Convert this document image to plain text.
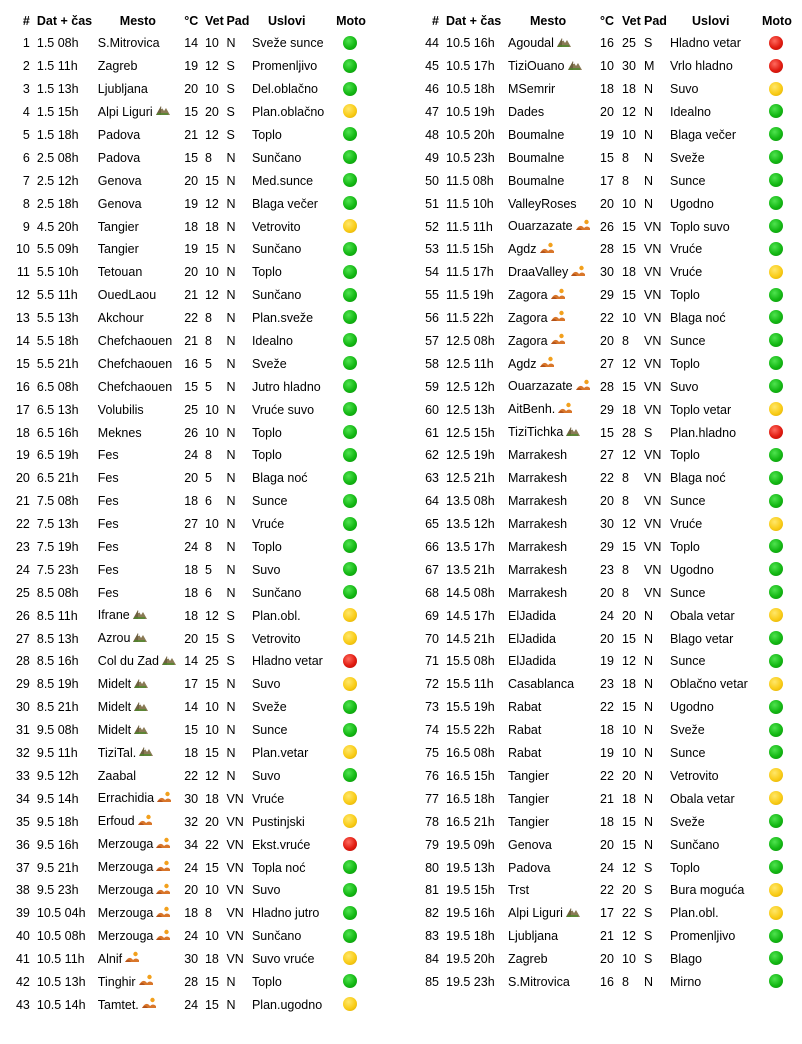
#	Dat + čas	Mesto	°C	Vet	Pad	Uslovi	Moto
1	1.5 08h	S.Mitrovica	14	10	N	Sveže sunce	
2	1.5 11h	Zagreb	19	12	S	Promenljivo	
3	1.5 13h	Ljubljana	20	10	S	Del.oblačno	
4	1.5 15h	Alpi Liguri	15	20	S	Plan.oblačno	
5	1.5 18h	Padova	21	12	S	Toplo	
6	2.5 08h	Padova	15	8	N	Sunčano	
7	2.5 12h	Genova	20	15	N	Med.sunce	
8	2.5 18h	Genova	19	12	N	Blaga večer	
9	4.5 20h	Tangier	18	18	N	Vetrovito	
10	5.5 09h	Tangier	19	15	N	Sunčano	
11	5.5 10h	Tetouan	20	10	N	Toplo	
12	5.5 11h	OuedLaou	21	12	N	Sunčano	
13	5.5 13h	Akchour	22	8	N	Plan.sveže	
14	5.5 18h	Chefchaouen	21	8	N	Idealno	
15	5.5 21h	Chefchaouen	16	5	N	Sveže	
16	6.5 08h	Chefchaouen	15	5	N	Jutro hladno	
17	6.5 13h	Volubilis	25	10	N	Vruće suvo	
18	6.5 16h	Meknes	26	10	N	Toplo	
19	6.5 19h	Fes	24	8	N	Toplo	
20	6.5 21h	Fes	20	5	N	Blaga noć	
21	7.5 08h	Fes	18	6	N	Sunce	
22	7.5 13h	Fes	27	10	N	Vruće	
23	7.5 19h	Fes	24	8	N	Toplo	
24	7.5 23h	Fes	18	5	N	Suvo	
25	8.5 08h	Fes	18	6	N	Sunčano	
26	8.5 11h	Ifrane	18	12	S	Plan.obl.	
27	8.5 13h	Azrou	20	15	S	Vetrovito	
28	8.5 16h	Col du Zad	14	25	S	Hladno vetar	
29	8.5 19h	Midelt	17	15	N	Suvo	
30	8.5 21h	Midelt	14	10	N	Sveže	
31	9.5 08h	Midelt	15	10	N	Sunce	
32	9.5 11h	TiziTal.	18	15	N	Plan.vetar	
33	9.5 12h	Zaabal	22	12	N	Suvo	
34	9.5 14h	Errachidia	30	18	VN	Vruće	
35	9.5 18h	Erfoud	32	20	VN	Pustinjski	
36	9.5 16h	Merzouga	34	22	VN	Ekst.vruće	
37	9.5 21h	Merzouga	24	15	VN	Topla noć	
38	9.5 23h	Merzouga	20	10	VN	Suvo	
39	10.5 04h	Merzouga	18	8	VN	Hladno jutro	
40	10.5 08h	Merzouga	24	10	VN	Sunčano	
41	10.5 11h	Alnif	30	18	VN	Suvo vruće	
42	10.5 13h	Tinghir	28	15	N	Toplo	
43	10.5 14h	Tamtet.	24	15	N	Plan.ugodno	
#	Dat + čas	Mesto	°C	Vet	Pad	Uslovi	Moto
44	10.5 16h	Agoudal	16	25	S	Hladno vetar	
45	10.5 17h	TiziOuano	10	30	M	Vrlo hladno	
46	10.5 18h	MSemrir	18	18	N	Suvo	
47	10.5 19h	Dades	20	12	N	Idealno	
48	10.5 20h	Boumalne	19	10	N	Blaga večer	
49	10.5 23h	Boumalne	15	8	N	Sveže	
50	11.5 08h	Boumalne	17	8	N	Sunce	
51	11.5 10h	ValleyRoses	20	10	N	Ugodno	
52	11.5 11h	Ouarzazate	26	15	VN	Toplo suvo	
53	11.5 15h	Agdz	28	15	VN	Vruće	
54	11.5 17h	DraaValley	30	18	VN	Vruće	
55	11.5 19h	Zagora	29	15	VN	Toplo	
56	11.5 22h	Zagora	22	10	VN	Blaga noć	
57	12.5 08h	Zagora	20	8	VN	Sunce	
58	12.5 11h	Agdz	27	12	VN	Toplo	
59	12.5 12h	Ouarzazate	28	15	VN	Suvo	
60	12.5 13h	AitBenh.	29	18	VN	Toplo vetar	
61	12.5 15h	TiziTichka	15	28	S	Plan.hladno	
62	12.5 19h	Marrakesh	27	12	VN	Toplo	
63	12.5 21h	Marrakesh	22	8	VN	Blaga noć	
64	13.5 08h	Marrakesh	20	8	VN	Sunce	
65	13.5 12h	Marrakesh	30	12	VN	Vruće	
66	13.5 17h	Marrakesh	29	15	VN	Toplo	
67	13.5 21h	Marrakesh	23	8	VN	Ugodno	
68	14.5 08h	Marrakesh	20	8	VN	Sunce	
69	14.5 17h	ElJadida	24	20	N	Obala vetar	
70	14.5 21h	ElJadida	20	15	N	Blago vetar	
71	15.5 08h	ElJadida	19	12	N	Sunce	
72	15.5 11h	Casablanca	23	18	N	Oblačno vetar	
73	15.5 19h	Rabat	22	15	N	Ugodno	
74	15.5 22h	Rabat	18	10	N	Sveže	
75	16.5 08h	Rabat	19	10	N	Sunce	
76	16.5 15h	Tangier	22	20	N	Vetrovito	
77	16.5 18h	Tangier	21	18	N	Obala vetar	
78	16.5 21h	Tangier	18	15	N	Sveže	
79	19.5 09h	Genova	20	15	N	Sunčano	
80	19.5 13h	Padova	24	12	S	Toplo	
81	19.5 15h	Trst	22	20	S	Bura moguća	
82	19.5 16h	Alpi Liguri	17	22	S	Plan.obl.	
83	19.5 18h	Ljubljana	21	12	S	Promenljivo	
84	19.5 20h	Zagreb	20	10	S	Blago	
85	19.5 23h	S.Mitrovica	16	8	N	Mirno	
